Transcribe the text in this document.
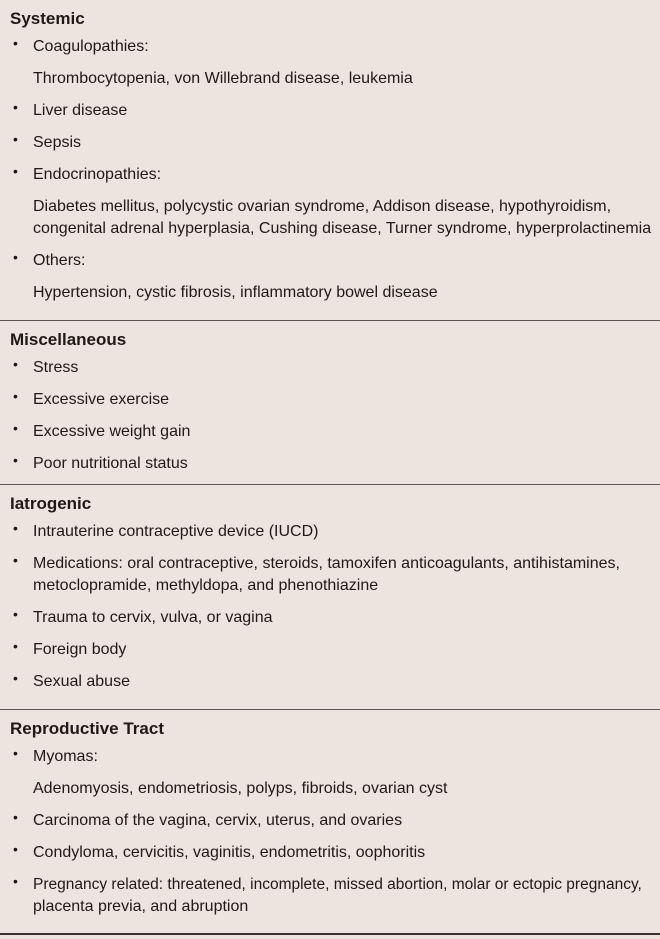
Systemic
• Coagulopathies:
Thrombocytopenia, von Willebrand disease, leukemia
• Liver disease
• Sepsis
• Endocrinopathies:
Diabetes mellitus, polycystic ovarian syndrome, Addison disease, hypothyroidism,
congenital adrenal hyperplasia, Cushing disease, Turner syndrome, hyperprolactinemia
• Others:
Hypertension, cystic fibrosis, inflammatory bowel disease
Miscellaneous
• Stress
• Excessive exercise
• Excessive weight gain
• Poor nutritional status
Iatrogenic
• Intrauterine contraceptive device (IUCD)
• Medications: oral contraceptive, steroids, tamoxifen anticoagulants, antihistamines,
metoclopramide, methyldopa, and phenothiazine
• Trauma to cervix, vulva, or vagina
• Foreign body
• Sexual abuse
Reproductive Tract
• Myomas:
Adenomyosis, endometriosis, polyps, fibroids, ovarian cyst
• Carcinoma of the vagina, cervix, uterus, and ovaries
• Condyloma, cervicitis, vaginitis, endometritis, oophoritis
• Pregnancy related: threatened, incomplete, missed abortion, molar or ectopic pregnancy,
placenta previa, and abruption
